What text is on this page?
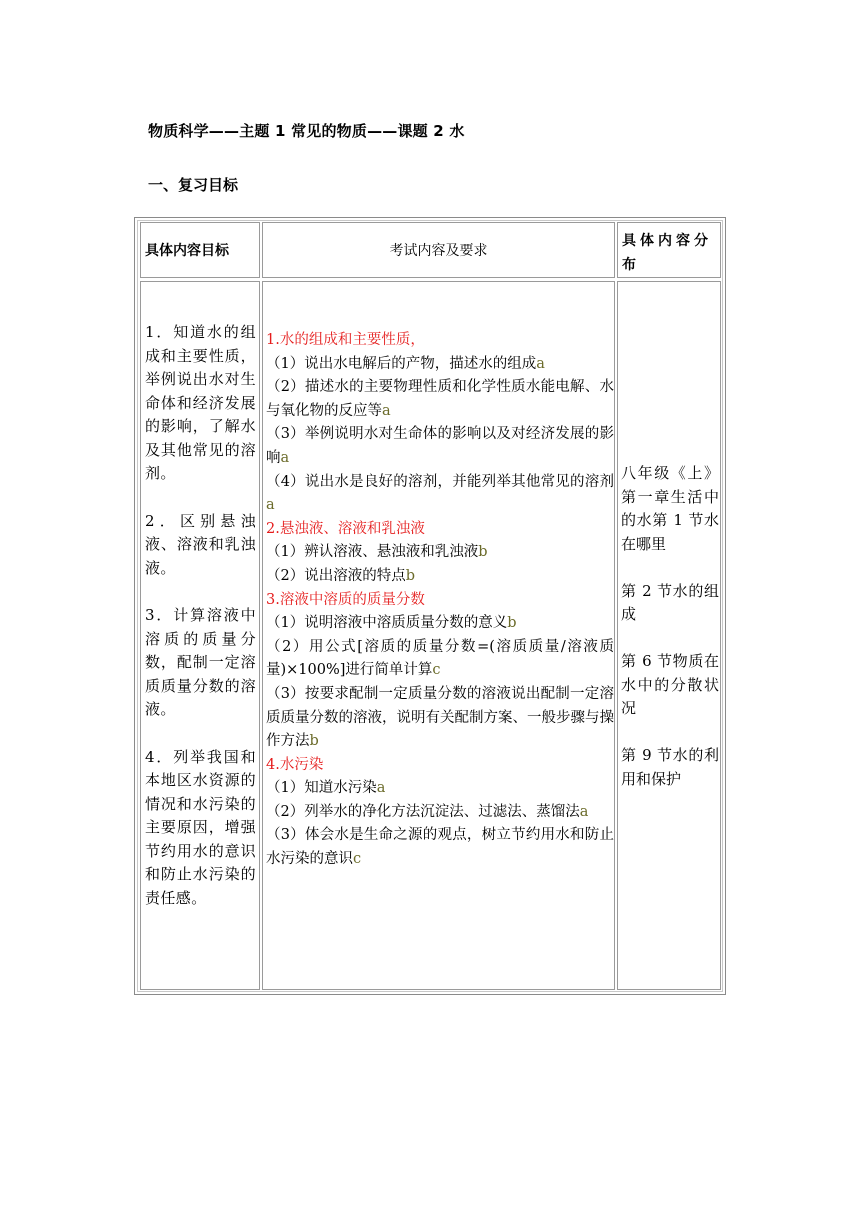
物质科学——主题 1 常见的物质——课题 2 水
一、复习目标
具体内容目标	考试内容及要求
具体内容分布

1．知道水的组成和主要性质，举例说出水对生命体和经济发展的影响，了解水及其他常见的溶剂。

2．区别悬浊液、溶液和乳浊液。

3．计算溶液中溶质的质量分数，配制一定溶质质量分数的溶液。

4．列举我国和本地区水资源的情况和水污染的主要原因，增强节约用水的意识和防止水污染的责任感。

1.水的组成和主要性质，
（1）说出水电解后的产物，描述水的组成a
（2）描述水的主要物理性质和化学性质水能电解、水与氧化物的反应等a
（3）举例说明水对生命体的影响以及对经济发展的影响a
（4）说出水是良好的溶剂，并能列举其他常见的溶剂 a
2.悬浊液、溶液和乳浊液
（1）辨认溶液、悬浊液和乳浊液b
（2）说出溶液的特点b
3.溶液中溶质的质量分数
（1）说明溶液中溶质质量分数的意义b
（2）用公式[溶质的质量分数=(溶质质量/溶液质量)×100%]进行简单计算c
（3）按要求配制一定质量分数的溶液说出配制一定溶质质量分数的溶液，说明有关配制方案、一般步骤与操作方法b
4.水污染
（1）知道水污染a
（2）列举水的净化方法沉淀法、过滤法、蒸馏法a
（3）体会水是生命之源的观点，树立节约用水和防止水污染的意识c

八年级《上》第一章生活中的水第 1 节水在哪里

第 2 节水的组成

第 6 节物质在水中的分散状况

第 9 节水的利用和保护
